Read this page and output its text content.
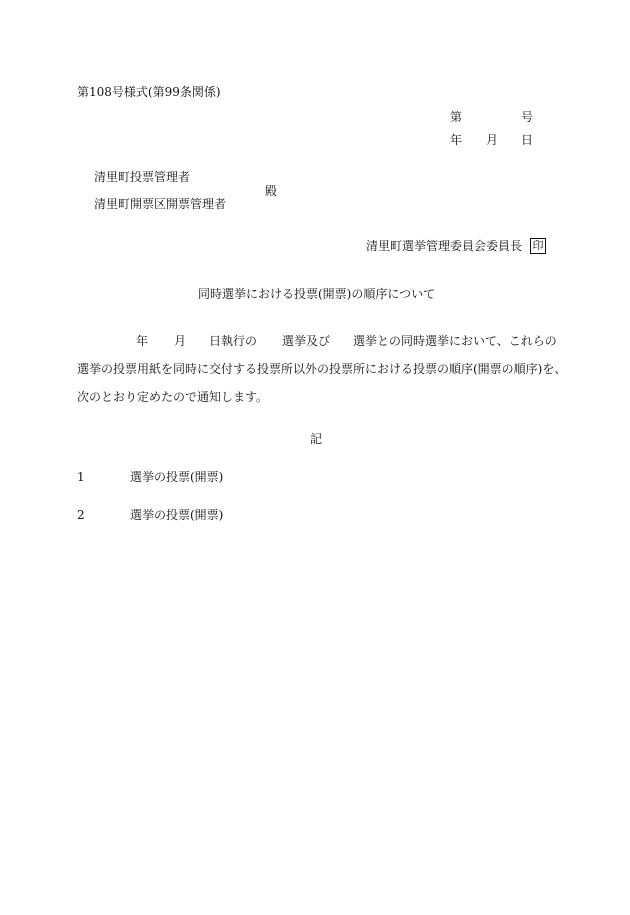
第108号様式(第99条関係)
第	号
年 月 日
清里町投票管理者
殿
清里町開票区開票管理者
清里町選挙管理委員会委員長 印
同時選挙における投票(開票)の順序について
年 月 日執行の 選挙及び 選挙との同時選挙において、これらの
選挙の投票用紙を同時に交付する投票所以外の投票所における投票の順序(開票の順序)を、
次のとおり定めたので通知します。
記
1	選挙の投票(開票)
2	選挙の投票(開票)
